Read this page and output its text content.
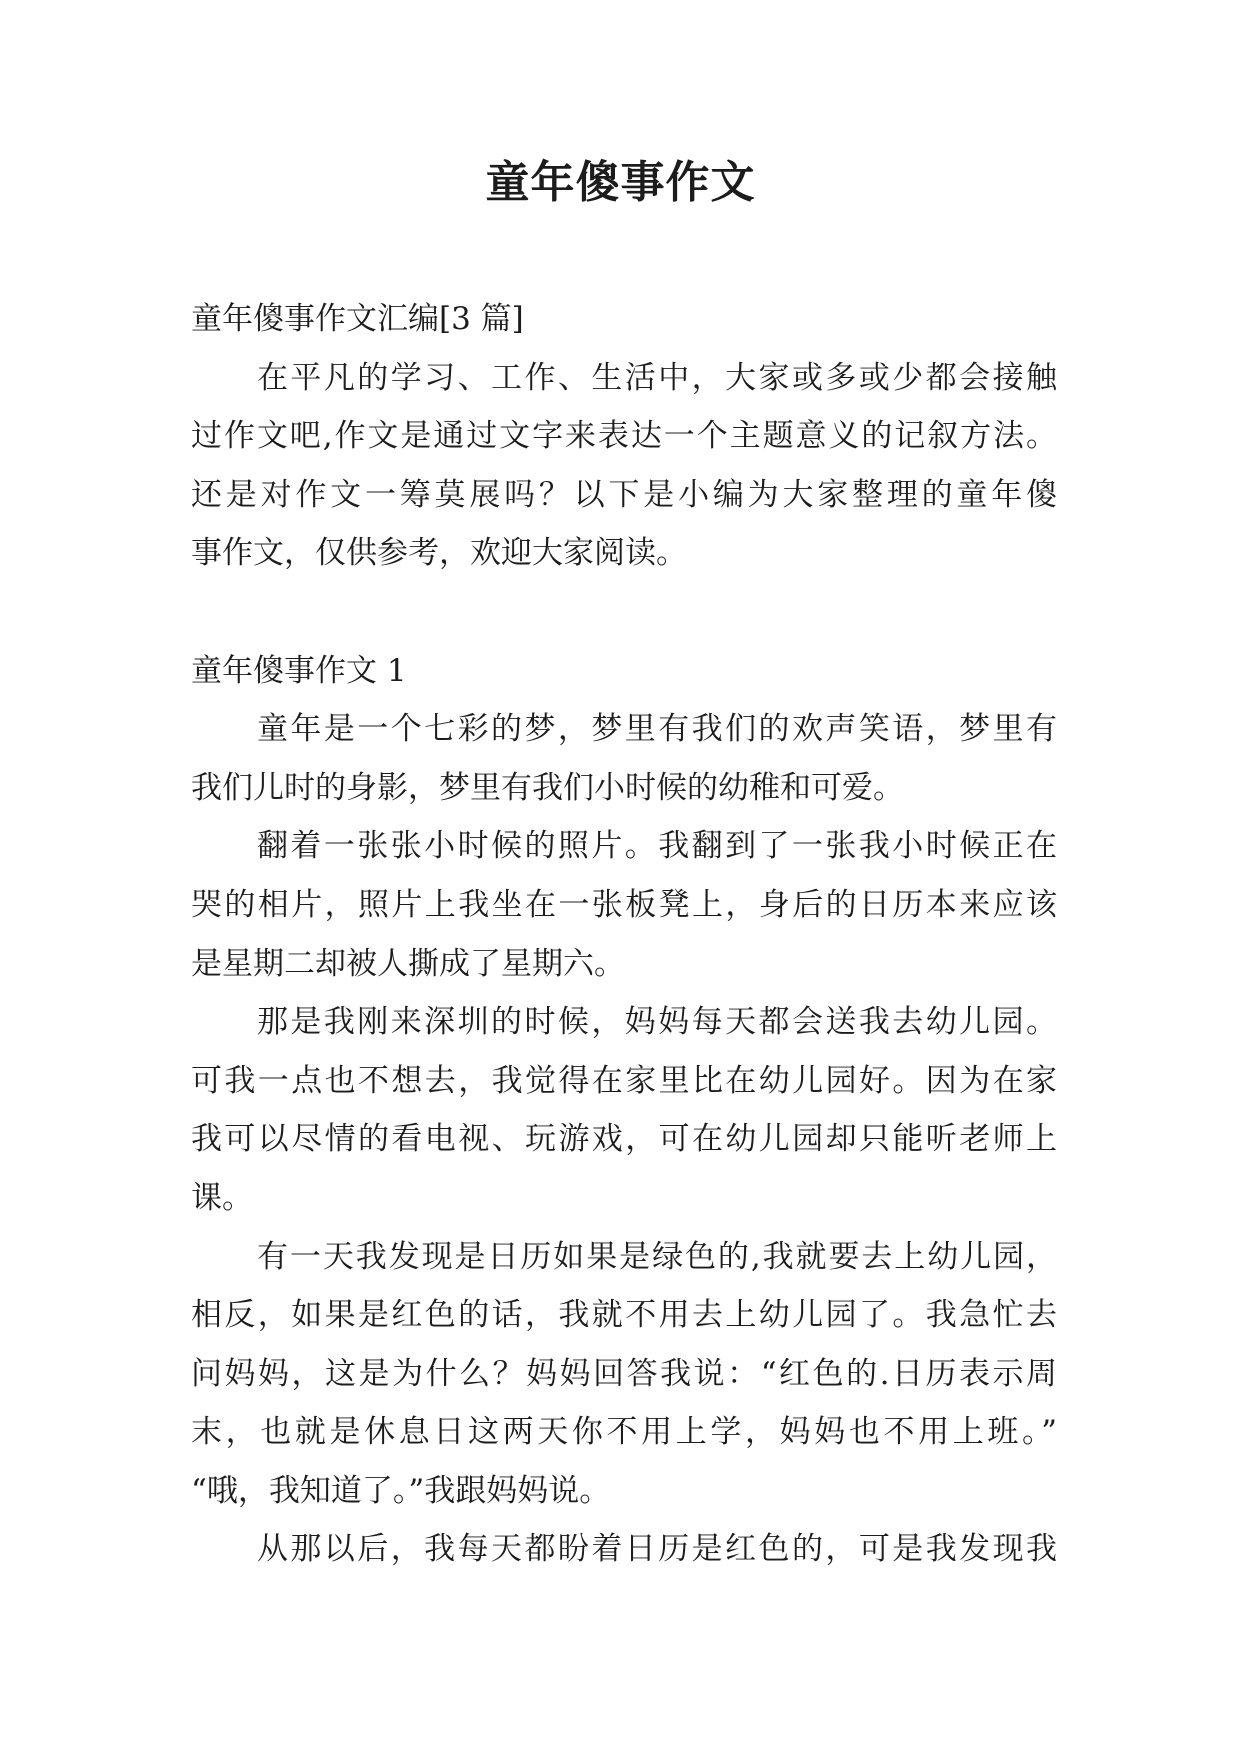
童年傻事作文
童年傻事作文汇编[3 篇]
在平凡的学习、工作、生活中，大家或多或少都会接触
过作文吧,作文是通过文字来表达一个主题意义的记叙方法。
还是对作文一筹莫展吗？以下是小编为大家整理的童年傻
事作文，仅供参考，欢迎大家阅读。
童年傻事作文 1
童年是一个七彩的梦，梦里有我们的欢声笑语，梦里有
我们儿时的身影，梦里有我们小时候的幼稚和可爱。
翻着一张张小时候的照片。我翻到了一张我小时候正在
哭的相片，照片上我坐在一张板凳上，身后的日历本来应该
是星期二却被人撕成了星期六。
那是我刚来深圳的时候，妈妈每天都会送我去幼儿园。
可我一点也不想去，我觉得在家里比在幼儿园好。因为在家
我可以尽情的看电视、玩游戏，可在幼儿园却只能听老师上
课。
有一天我发现是日历如果是绿色的,我就要去上幼儿园，
相反，如果是红色的话，我就不用去上幼儿园了。我急忙去
问妈妈，这是为什么？妈妈回答我说：“红色的.日历表示周
末，也就是休息日这两天你不用上学，妈妈也不用上班。”
“哦，我知道了。”我跟妈妈说。
从那以后，我每天都盼着日历是红色的，可是我发现我
